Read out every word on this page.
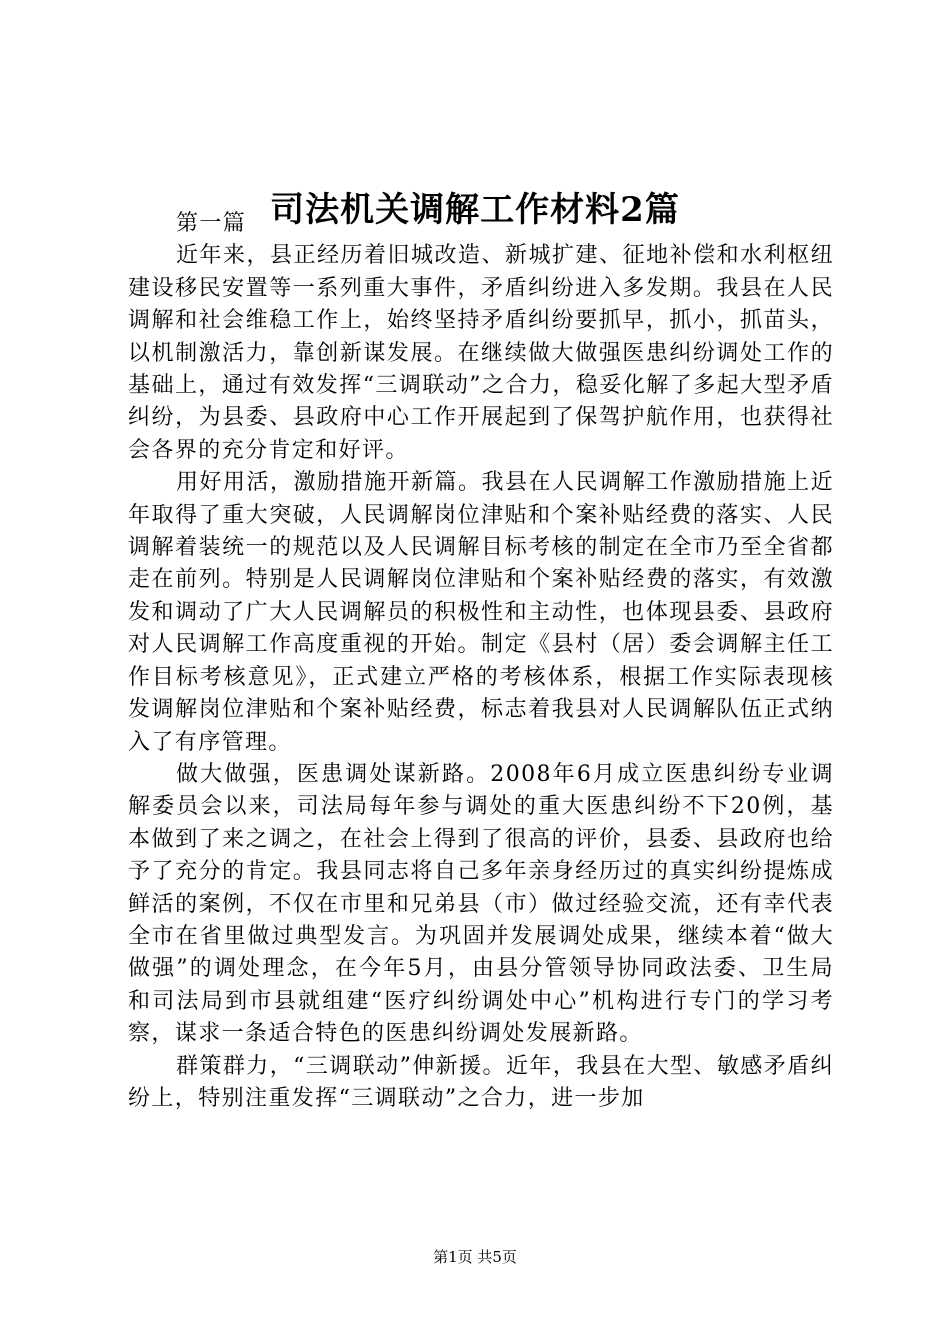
司法机关调解工作材料2篇

第一篇

近年来，县正经历着旧城改造、新城扩建、征地补偿和水利枢纽建设移民安置等一系列重大事件，矛盾纠纷进入多发期。我县在人民调解和社会维稳工作上，始终坚持矛盾纠纷要抓早，抓小，抓苗头，以机制激活力，靠创新谋发展。在继续做大做强医患纠纷调处工作的基础上，通过有效发挥“三调联动”之合力，稳妥化解了多起大型矛盾纠纷，为县委、县政府中心工作开展起到了保驾护航作用，也获得社会各界的充分肯定和好评。

用好用活，激励措施开新篇。我县在人民调解工作激励措施上近年取得了重大突破，人民调解岗位津贴和个案补贴经费的落实、人民调解着装统一的规范以及人民调解目标考核的制定在全市乃至全省都走在前列。特别是人民调解岗位津贴和个案补贴经费的落实，有效激发和调动了广大人民调解员的积极性和主动性，也体现县委、县政府对人民调解工作高度重视的开始。制定《县村（居）委会调解主任工作目标考核意见》，正式建立严格的考核体系，根据工作实际表现核发调解岗位津贴和个案补贴经费，标志着我县对人民调解队伍正式纳入了有序管理。

做大做强，医患调处谋新路。2008年6月成立医患纠纷专业调解委员会以来，司法局每年参与调处的重大医患纠纷不下20例，基本做到了来之调之，在社会上得到了很高的评价，县委、县政府也给予了充分的肯定。我县同志将自己多年亲身经历过的真实纠纷提炼成鲜活的案例，不仅在市里和兄弟县（市）做过经验交流，还有幸代表全市在省里做过典型发言。为巩固并发展调处成果，继续本着“做大做强”的调处理念，在今年5月，由县分管领导协同政法委、卫生局和司法局到市县就组建“医疗纠纷调处中心”机构进行专门的学习考察，谋求一条适合特色的医患纠纷调处发展新路。

群策群力，“三调联动”伸新援。近年，我县在大型、敏感矛盾纠纷上，特别注重发挥“三调联动”之合力，进一步加

第1页 共5页
